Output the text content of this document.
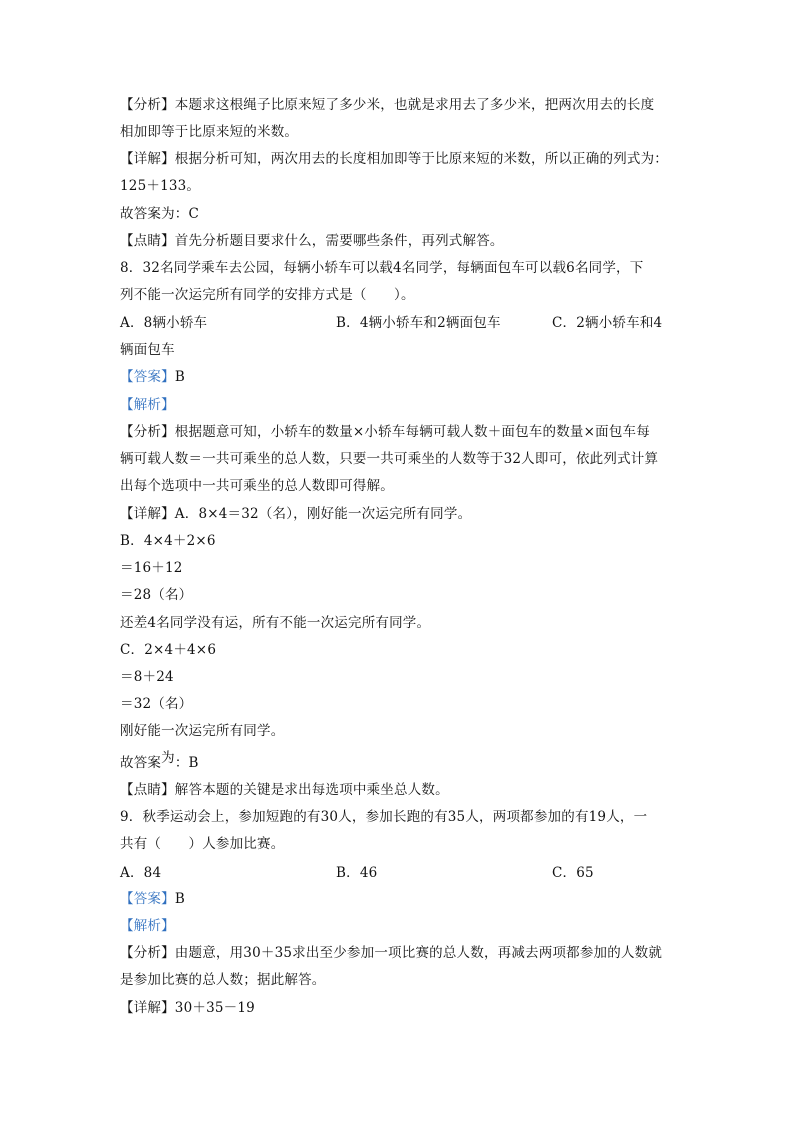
【分析】本题求这根绳子比原来短了多少米，也就是求用去了多少米，把两次用去的长度
相加即等于比原来短的米数。
【详解】根据分析可知，两次用去的长度相加即等于比原来短的米数，所以正确的列式为：
125＋133。
故答案为：C
【点睛】首先分析题目要求什么，需要哪些条件，再列式解答。
8．32名同学乘车去公园，每辆小轿车可以载4名同学，每辆面包车可以载6名同学，下
列不能一次运完所有同学的安排方式是（　　）。
A．8辆小轿车	B．4辆小轿车和2辆面包车	C．2辆小轿车和4
辆面包车
【答案】B
【解析】
【分析】根据题意可知，小轿车的数量×小轿车每辆可载人数＋面包车的数量×面包车每
辆可载人数＝一共可乘坐的总人数，只要一共可乘坐的人数等于32人即可，依此列式计算
出每个选项中一共可乘坐的总人数即可得解。
【详解】A．8×4＝32（名），刚好能一次运完所有同学。
B．4×4＋2×6
＝16＋12
＝28（名）
还差4名同学没有运，所有不能一次运完所有同学。
C．2×4＋4×6
＝8＋24
＝32（名）
刚好能一次运完所有同学。
故答案为：B
【点睛】解答本题的关键是求出每选项中乘坐总人数。
9．秋季运动会上，参加短跑的有30人，参加长跑的有35人，两项都参加的有19人，一
共有（　　）人参加比赛。
A．84	B．46	C．65
【答案】B
【解析】
【分析】由题意，用30＋35求出至少参加一项比赛的总人数，再减去两项都参加的人数就
是参加比赛的总人数；据此解答。
【详解】30＋35－19
